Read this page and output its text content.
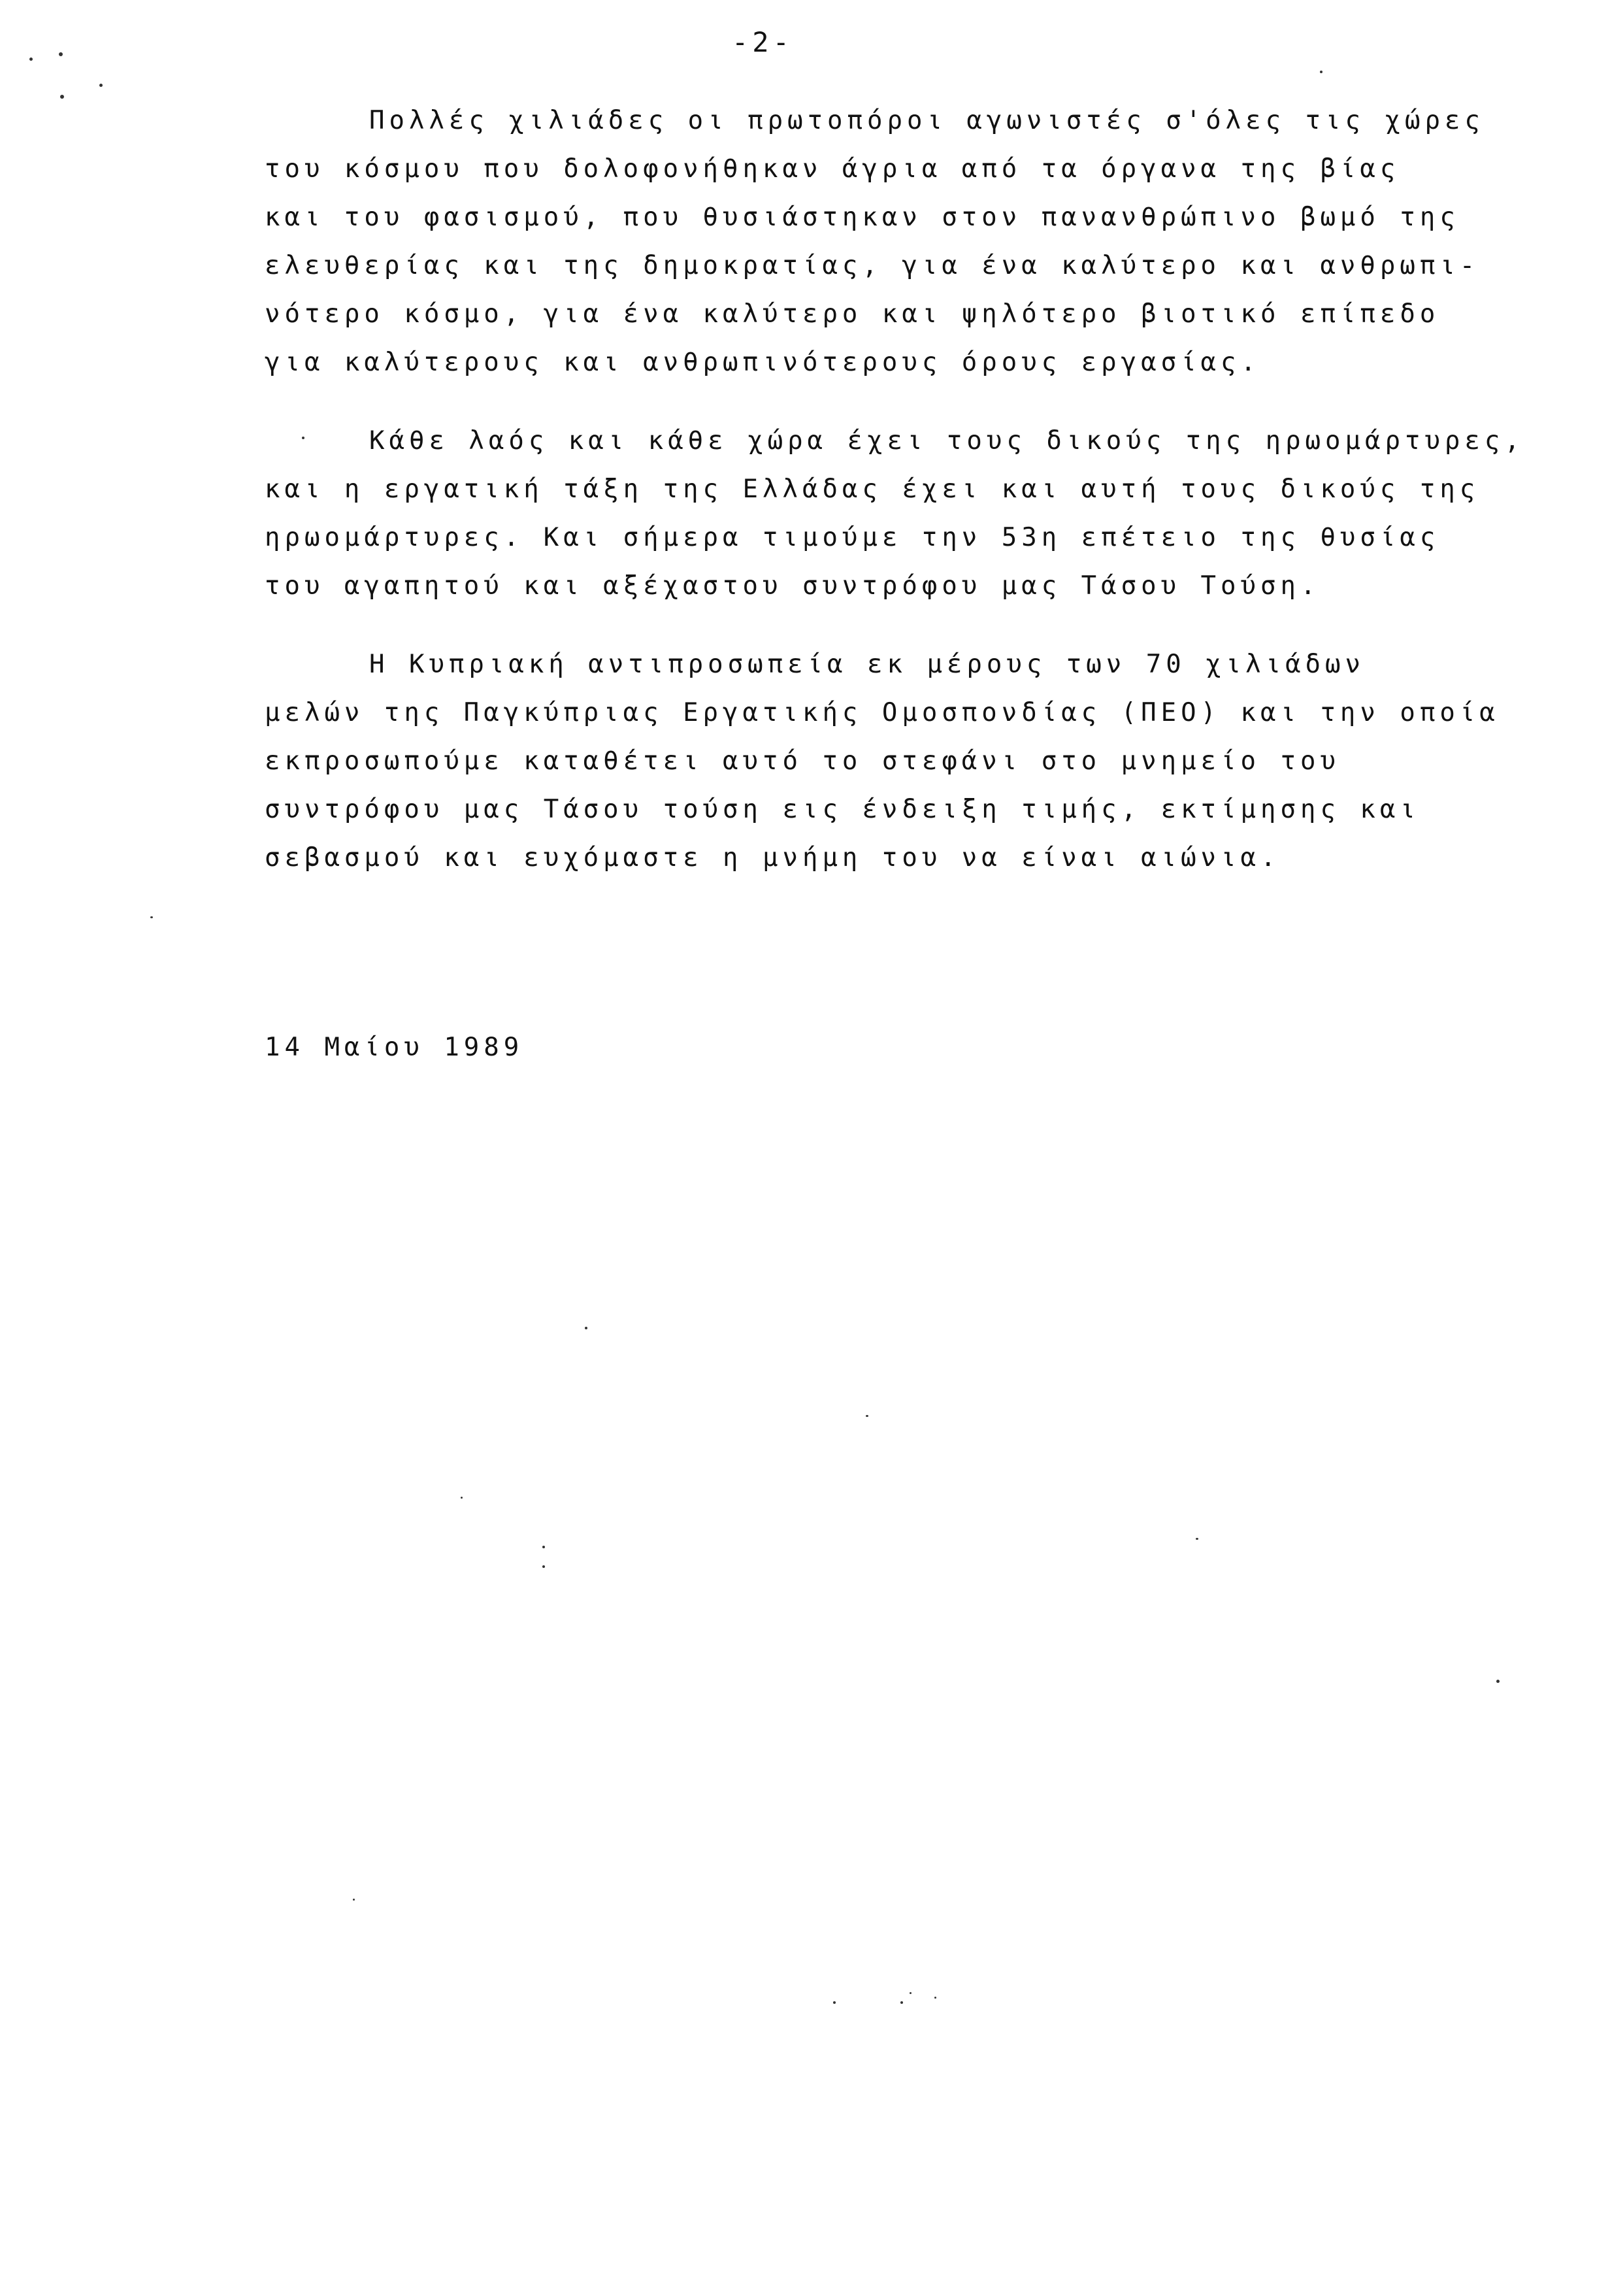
-2-

Πολλές χιλιάδες οι πρωτοπόροι αγωνιστές σ'όλες τις χώρες
του κόσμου που δολοφονήθηκαν άγρια από τα όργανα της βίας
και του φασισμού, που θυσιάστηκαν στον πανανθρώπινο βωμό της
ελευθερίας και της δημοκρατίας, για ένα καλύτερο και ανθρωπι-
νότερο κόσμο, για ένα καλύτερο και ψηλότερο βιοτικό επίπεδο
για καλύτερους και ανθρωπινότερους όρους εργασίας.

Κάθε λαός και κάθε χώρα έχει τους δικούς της ηρωομάρτυρες,
και η εργατική τάξη της Ελλάδας έχει και αυτή τους δικούς της
ηρωομάρτυρες. Και σήμερα τιμούμε την 53η επέτειο της θυσίας
του αγαπητού και αξέχαστου συντρόφου μας Τάσου Τούση.

Η Κυπριακή αντιπροσωπεία εκ μέρους των 70 χιλιάδων
μελών της Παγκύπριας Εργατικής Ομοσπονδίας (ΠΕΟ) και την οποία
εκπροσωπούμε καταθέτει αυτό το στεφάνι στο μνημείο του
συντρόφου μας Τάσου τούση εις ένδειξη τιμής, εκτίμησης και
σεβασμού και ευχόμαστε η μνήμη του να είναι αιώνια.

14 Μαίου 1989
